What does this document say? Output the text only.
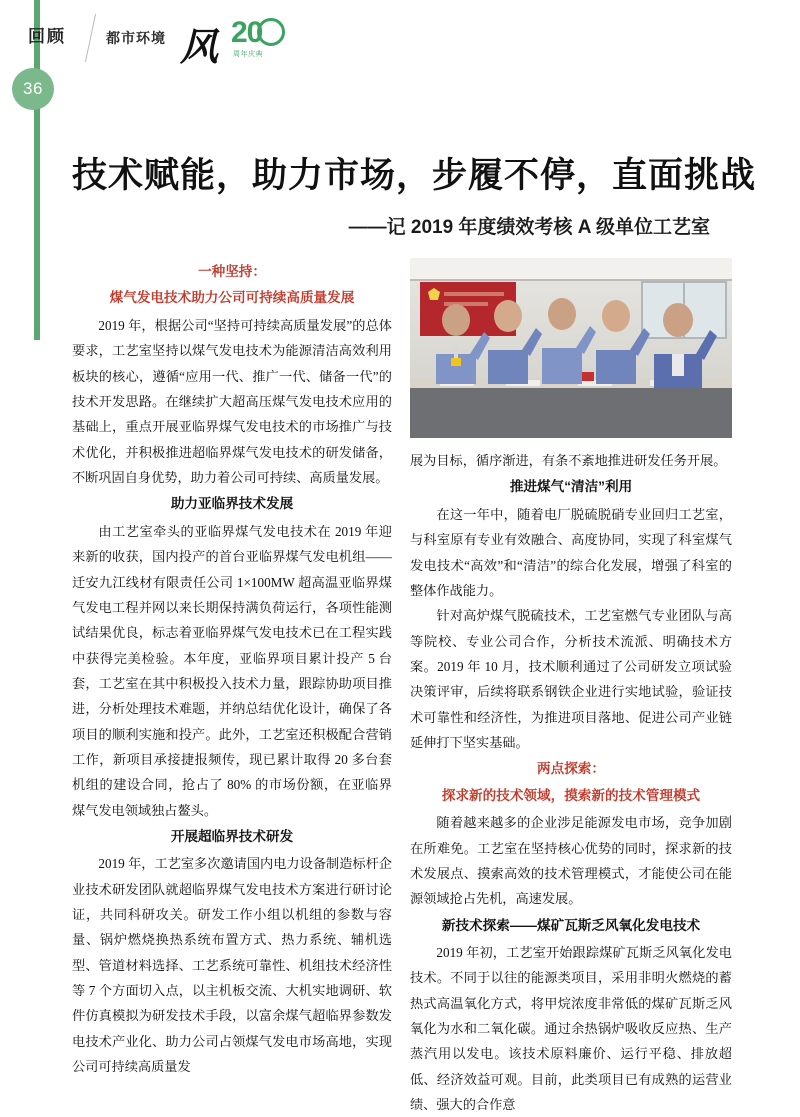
36
回顾	都市环境 风 20
周年庆典
技术赋能，助力市场，步履不停，直面挑战
——记 2019 年度绩效考核 A 级单位工艺室
一种坚持：
煤气发电技术助力公司可持续高质量发展

2019 年，根据公司“坚持可持续高质量发展”的总体要求，工艺室坚持以煤气发电技术为能源清洁高效利用板块的核心，遵循“应用一代、推广一代、储备一代”的技术开发思路。在继续扩大超高压煤气发电技术应用的基础上，重点开展亚临界煤气发电技术的市场推广与技术优化，并积极推进超临界煤气发电技术的研发储备，不断巩固自身优势，助力着公司可持续、高质量发展。

助力亚临界技术发展

由工艺室牵头的亚临界煤气发电技术在 2019 年迎来新的收获，国内投产的首台亚临界煤气发电机组——迁安九江线材有限责任公司 1×100MW 超高温亚临界煤气发电工程并网以来长期保持满负荷运行，各项性能测试结果优良，标志着亚临界煤气发电技术已在工程实践中获得完美检验。本年度，亚临界项目累计投产 5 台套，工艺室在其中积极投入技术力量，跟踪协助项目推进，分析处理技术难题，并纳总结优化设计，确保了各项目的顺利实施和投产。此外，工艺室还积极配合营销工作，新项目承接捷报频传，现已累计取得 20 多台套机组的建设合同，抢占了 80% 的市场份额，在亚临界煤气发电领域独占鳌头。

开展超临界技术研发

2019 年，工艺室多次邀请国内电力设备制造标杆企业技术研发团队就超临界煤气发电技术方案进行研讨论证，共同科研攻关。研发工作小组以机组的参数与容量、锅炉燃烧换热系统布置方式、热力系统、辅机选型、管道材料选择、工艺系统可靠性、机组技术经济性等 7 个方面切入点，以主机板交流、大机实地调研、软件仿真模拟为研发技术手段，以富余煤气超临界参数发电技术产业化、助力公司占领煤气发电市场高地，实现公司可持续高质量发

展为目标，循序渐进，有条不紊地推进研发任务开展。

推进煤气“清洁”利用

在这一年中，随着电厂脱硫脱硝专业回归工艺室，与科室原有专业有效融合、高度协同，实现了科室煤气发电技术“高效”和“清洁”的综合化发展，增强了科室的整体作战能力。

针对高炉煤气脱硫技术，工艺室燃气专业团队与高等院校、专业公司合作，分析技术流派、明确技术方案。2019 年 10 月，技术顺利通过了公司研发立项试验决策评审，后续将联系钢铁企业进行实地试验，验证技术可靠性和经济性，为推进项目落地、促进公司产业链延伸打下坚实基础。

两点探索：
探求新的技术领域，摸索新的技术管理模式

随着越来越多的企业涉足能源发电市场，竞争加剧在所难免。工艺室在坚持核心优势的同时，探求新的技术发展点、摸索高效的技术管理模式，才能使公司在能源领域抢占先机，高速发展。

新技术探索——煤矿瓦斯乏风氧化发电技术

2019 年初，工艺室开始跟踪煤矿瓦斯乏风氧化发电技术。不同于以往的能源类项目，采用非明火燃烧的蓄热式高温氧化方式，将甲烷浓度非常低的煤矿瓦斯乏风氧化为水和二氧化碳。通过余热锅炉吸收反应热、生产蒸汽用以发电。该技术原料廉价、运行平稳、排放超低、经济效益可观。目前，此类项目已有成熟的运营业绩、强大的合作意
